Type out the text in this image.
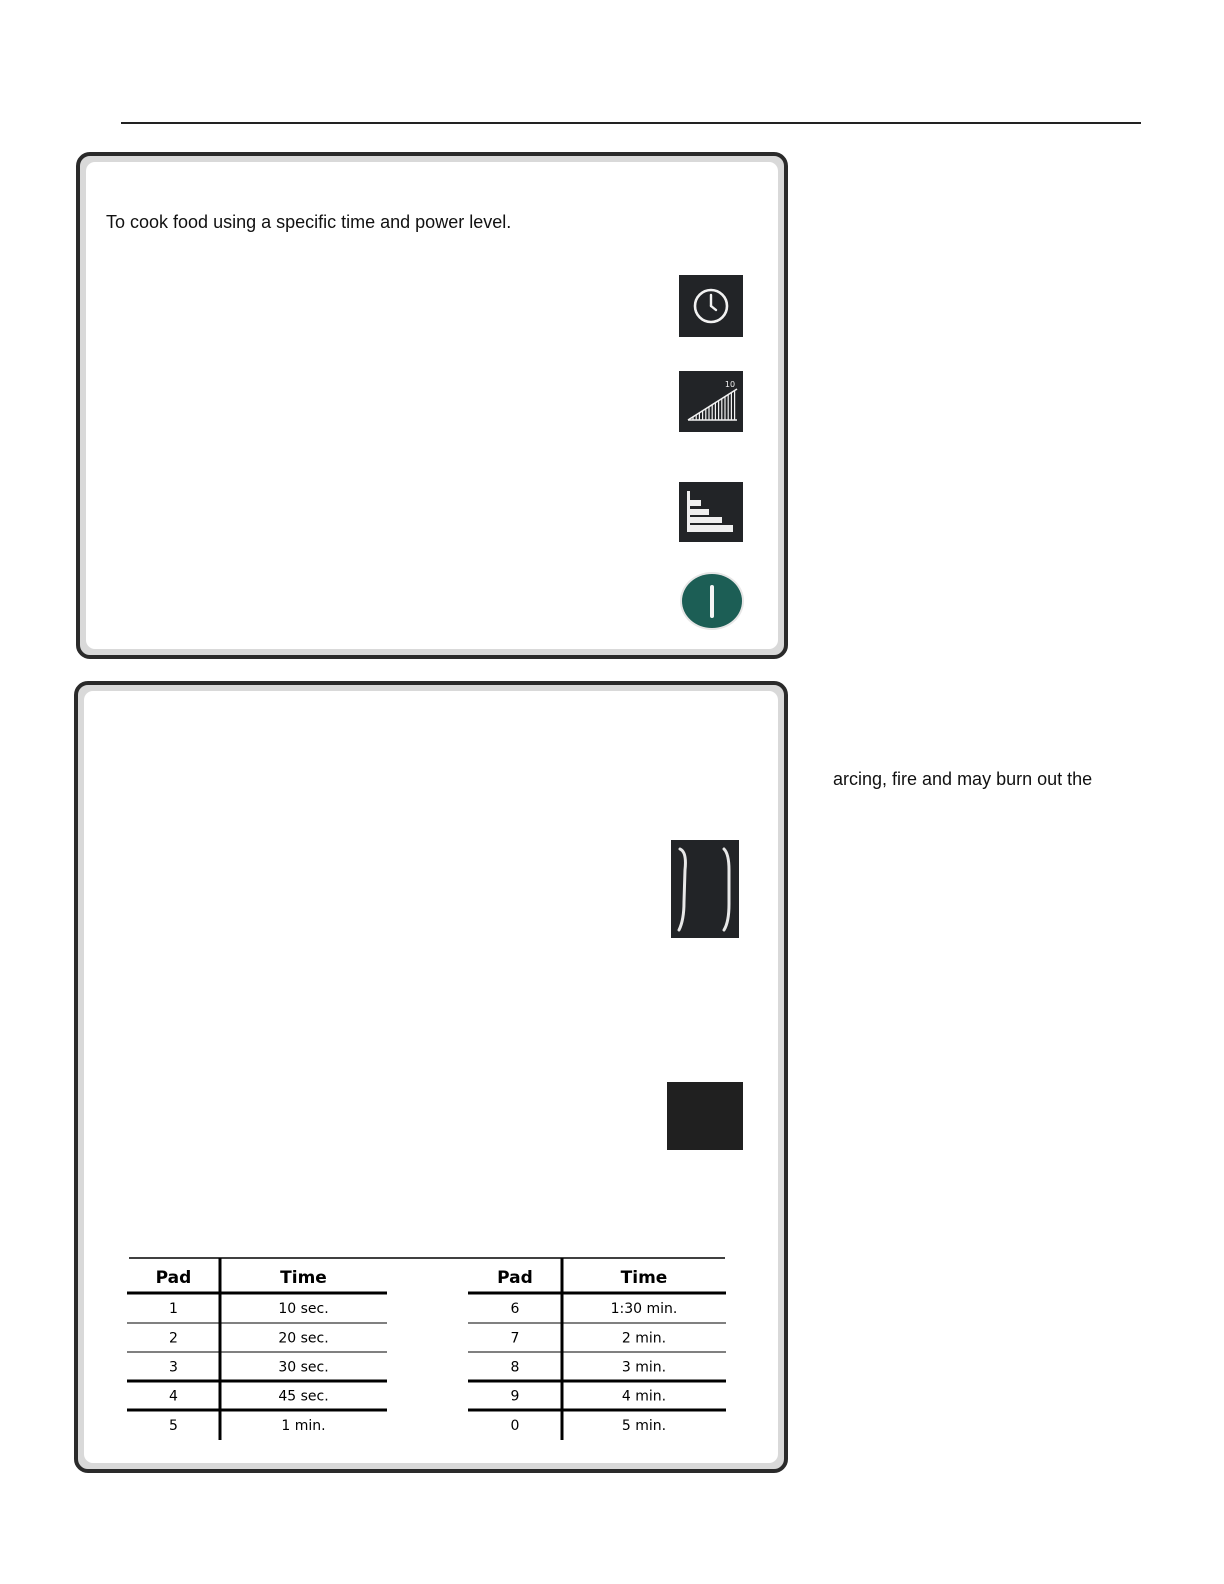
To cook food using a specific time and power level.
10
arcing, fire and may burn out the
Pad	Time
1	10 sec.
2	20 sec.
3	30 sec.
4	45 sec.
5	1 min.
Pad	Time
6	1:30 min.
7	2 min.
8	3 min.
9	4 min.
0	5 min.
